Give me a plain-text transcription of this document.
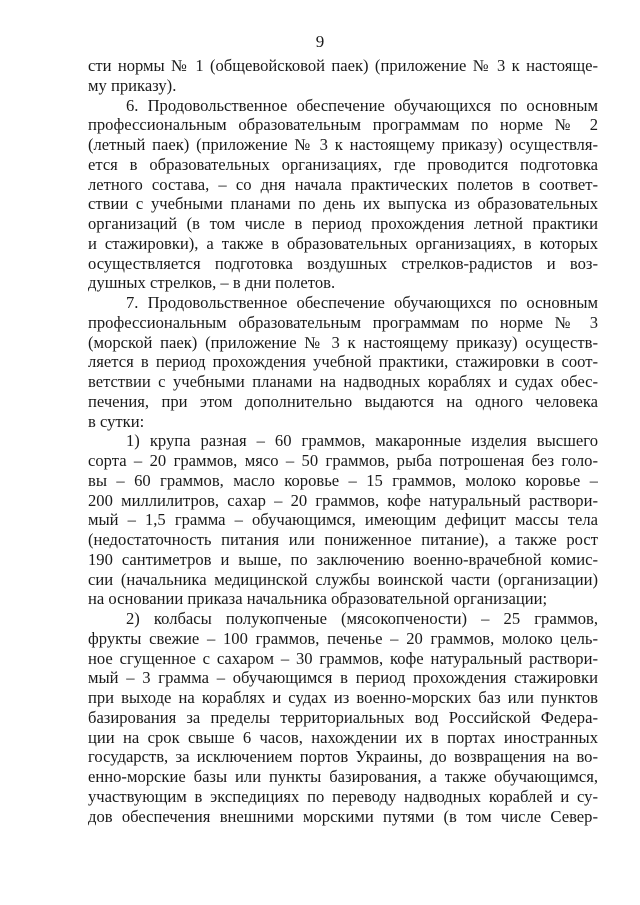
9
сти нормы № 1 (общевойсковой паек) (приложение № 3 к настояще-
му приказу).
6. Продовольственное обеспечение обучающихся по основным
профессиональным образовательным программам по норме № 2
(летный паек) (приложение № 3 к настоящему приказу) осуществля-
ется в образовательных организациях, где проводится подготовка
летного состава, – со дня начала практических полетов в соответ-
ствии с учебными планами по день их выпуска из образовательных
организаций (в том числе в период прохождения летной практики
и стажировки), а также в образовательных организациях, в которых
осуществляется подготовка воздушных стрелков-радистов и воз-
душных стрелков, – в дни полетов.
7. Продовольственное обеспечение обучающихся по основным
профессиональным образовательным программам по норме № 3
(морской паек) (приложение № 3 к настоящему приказу) осуществ-
ляется в период прохождения учебной практики, стажировки в соот-
ветствии с учебными планами на надводных кораблях и судах обес-
печения, при этом дополнительно выдаются на одного человека
в сутки:
1) крупа разная – 60 граммов, макаронные изделия высшего
сорта – 20 граммов, мясо – 50 граммов, рыба потрошеная без голо-
вы – 60 граммов, масло коровье – 15 граммов, молоко коровье –
200 миллилитров, сахар – 20 граммов, кофе натуральный раствори-
мый – 1,5 грамма – обучающимся, имеющим дефицит массы тела
(недостаточность питания или пониженное питание), а также рост
190 сантиметров и выше, по заключению военно-врачебной комис-
сии (начальника медицинской службы воинской части (организации)
на основании приказа начальника образовательной организации;
2) колбасы полукопченые (мясокопчености) – 25 граммов,
фрукты свежие – 100 граммов, печенье – 20 граммов, молоко цель-
ное сгущенное с сахаром – 30 граммов, кофе натуральный раствори-
мый – 3 грамма – обучающимся в период прохождения стажировки
при выходе на кораблях и судах из военно-морских баз или пунктов
базирования за пределы территориальных вод Российской Федера-
ции на срок свыше 6 часов, нахождении их в портах иностранных
государств, за исключением портов Украины, до возвращения на во-
енно-морские базы или пункты базирования, а также обучающимся,
участвующим в экспедициях по переводу надводных кораблей и су-
дов обеспечения внешними морскими путями (в том числе Север-
